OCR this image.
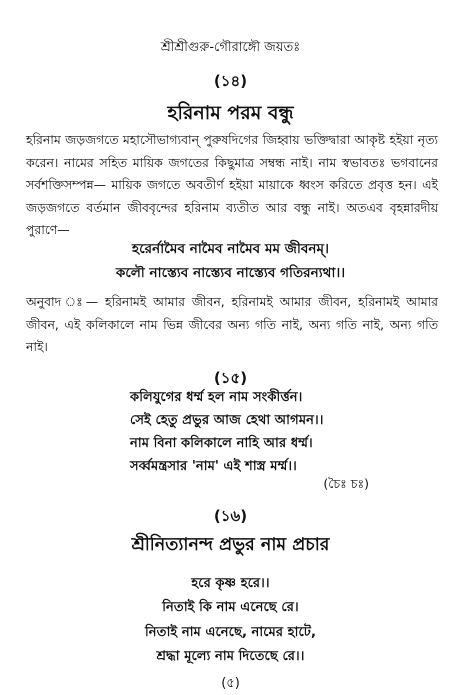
শ্রীশ্রীগুরু-গৌরাঙ্গৌ জয়তঃ
(১৪)
হরিনাম পরম বন্ধু
হরিনাম জড়জগতে মহাসৌভাগ্যবান্ পুরুষদিগের জিহ্বায় ভক্তিদ্বারা আকৃষ্ট হইয়া নৃত্য করেন। নামের সহিত মায়িক জগতের কিছুমাত্র সম্বন্ধ নাই। নাম স্বভাবতঃ ভগবানের সর্বশক্তিসম্পন্ন— মায়িক জগতে অবতীর্ণ হইয়া মায়াকে ধ্বংস করিতে প্রবৃত্ত হন। এই জড়জগতে বর্তমান জীববৃন্দের হরিনাম ব্যতীত আর বন্ধু নাই। অতএব বৃহন্নারদীয় পুরাণে—
হরের্নামৈব নামৈব নামৈব মম জীবনম্।
কলৌ নাস্ত্যেব নাস্ত্যেব নাস্ত্যেব গতিরন্যথা।।
অনুবাদ ঃ— হরিনামই আমার জীবন, হরিনামই আমার জীবন, হরিনামই আমার জীবন, এই কলিকালে নাম ভিন্ন জীবের অন্য গতি নাই, অন্য গতি নাই, অন্য গতি নাই।
(১৫)
কলিযুগের ধর্ম্ম হল নাম সংকীর্ত্তন।
সেই হেতু প্রভুর আজ হেথা আগমন।।
নাম বিনা কলিকালে নাহি আর ধর্ম্ম।
সর্ব্বমন্ত্রসার 'নাম' এই শাস্ত্র মর্ম্ম।।
(চৈঃ চঃ)
(১৬)
শ্রীনিত্যানন্দ প্রভুর নাম প্রচার
হরে কৃষ্ণ হরে।।
নিতাই কি নাম এনেছে রে।
নিতাই নাম এনেছে, নামের হাটে,
শ্রদ্ধা মূল্যে নাম দিতেছে রে।।
(৫)
